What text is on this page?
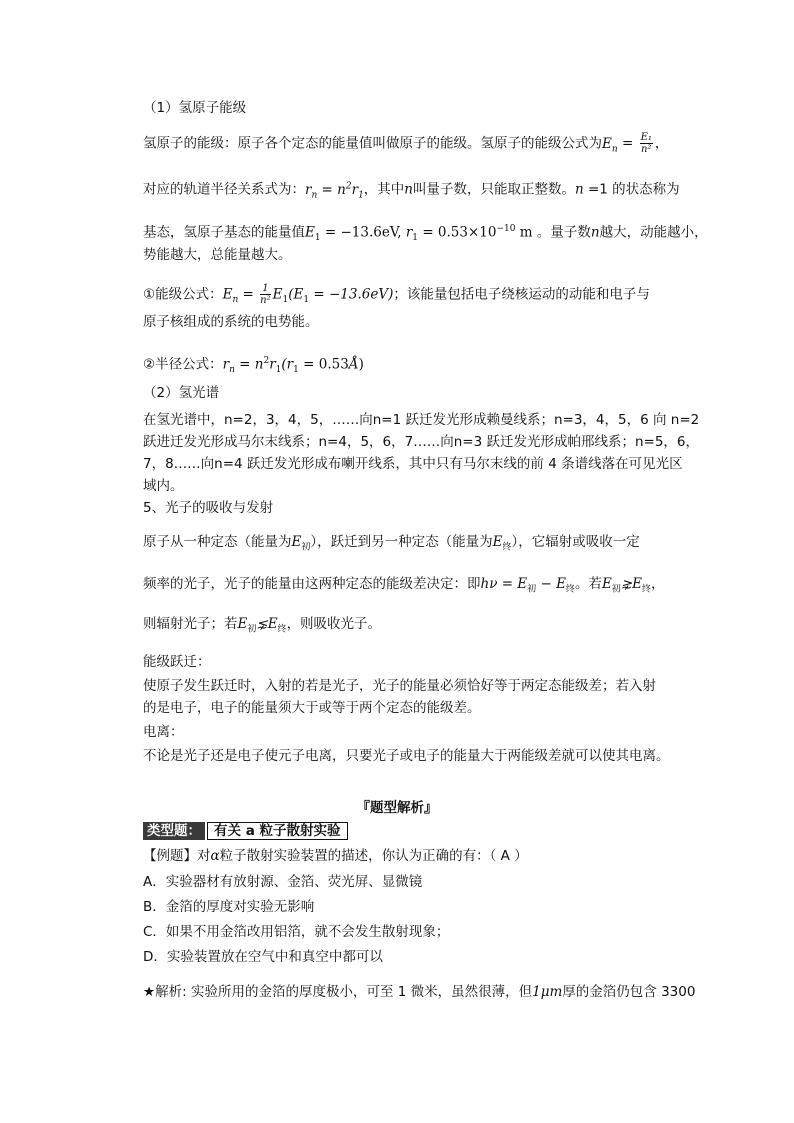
（1）氢原子能级
氢原子的能级：原子各个定态的能量值叫做原子的能级。氢原子的能级公式为$E_n = \frac{\text{E₁}}{\text{n²}}$ ，
对应的轨道半径关系式为：$r_n = n^2r_1$，其中n叫量子数，只能取正整数。n =1 的状态称为
基态，氢原子基态的能量值$E_1 = -13.6eV$, $r_1 = 0.53\times 10^{-10}$ m 。量子数n越大，动能越小，
势能越大，总能量越大。
①能级公式：$E_n = \frac{1}{\text{n²}} E_1(E_1 = -13.6eV)$；该能量包括电子绕核运动的动能和电子与
原子核组成的系统的电势能。
②半径公式：$r_n = n^2r_1(r_1$ = 0.53Å)
（2）氢光谱
在氢光谱中，n=2，3，4，5，……向n=1 跃迁发光形成赖曼线系；n=3，4，5，6 向 n=2
跃进迁发光形成马尔末线系；n=4，5，6，7……向n=3 跃迁发光形成帕邢线系；n=5，6，
7，8……向n=4 跃迁发光形成布喇开线系，其中只有马尔末线的前 4 条谱线落在可见光区
域内。
5、光子的吸收与发射
原子从一种定态（能量为$E_初$），跃迁到另一种定态（能量为$E_终$），它辐射或吸收一定
频率的光子，光子的能量由这两种定态的能级差决定：即$h\nu = E_初 - E_终$。若$E_初⋧E_终$，
则辐射光子；若$E_初⋦E_终$，则吸收光子。
能级跃迁：
使原子发生跃迁时，入射的若是光子，光子的能量必须恰好等于两定态能级差；若入射
的是电子，电子的能量须大于或等于两个定态的能级差。
电离：
不论是光子还是电子使元子电离，只要光子或电子的能量大于两能级差就可以使其电离。
『题型解析』
类型题： 有关 a 粒子散射实验
【例题】对α粒子散射实验装置的描述，你认为正确的有：（ A ）
A．实验器材有放射源、金箔、荧光屏、显微镜
B．金箔的厚度对实验无影响
C．如果不用金箔改用铝箔，就不会发生散射现象；
D．实验装置放在空气中和真空中都可以
★解析: 实验所用的金箔的厚度极小，可至 1 微米，虽然很薄，但1μm厚的金箔仍包含 3300
